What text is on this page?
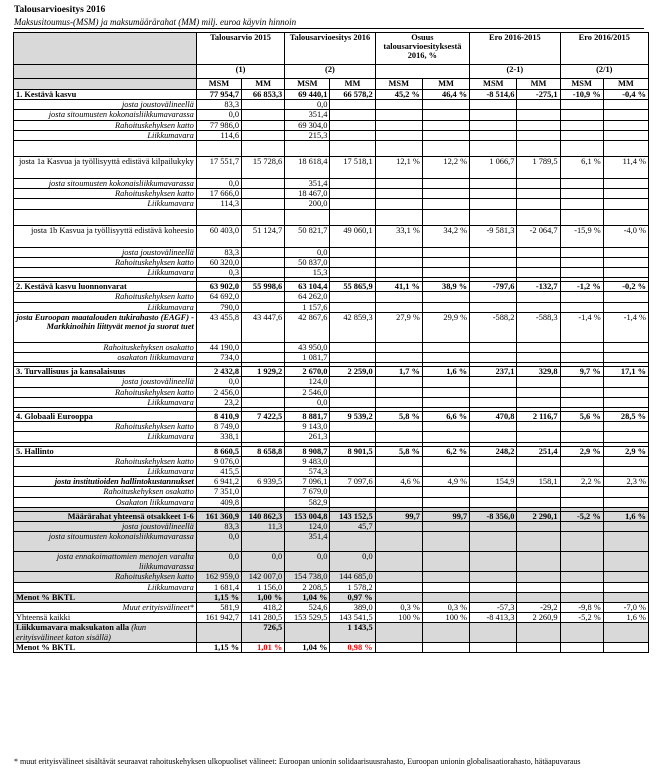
Talousarvioesitys 2016
Maksusitoumus-(MSM) ja maksumäärärahat (MM) milj. euroa käyvin hinnoin
	Talousarvio 2015		Talousarvioesitys 2016		Osuus talousarvioesityksestä 2016, %		Ero 2016-2015		Ero 2016/2015	
	(1)		(2)				(2-1)		(2/1)	
	MSM	MM	MSM	MM	MSM	MM	MSM	MM	MSM	MM
1. Kestävä kasvu	77 954,7	66 853,3	69 440,1	66 578,2	45,2 %	46,4 %	-8 514,6	-275,1	-10,9 %	-0,4 %
josta joustovälineellä	83,3		0,0							
josta sitoumusten kokonaisliikkumavarassa	0,0		351,4							
Rahoituskehyksen katto	77 986,0		69 304,0							
Liikkumavara	114,6		215,3							

josta 1a Kasvua ja työllisyyttä edistävä kilpailukyky	17 551,7	15 728,6	18 618,4	17 518,1	12,1 %	12,2 %	1 066,7	1 789,5	6,1 %	11,4 %
josta sitoumusten kokonaisliikkumavarassa	0,0		351,4							
Rahoituskehyksen katto	17 666,0		18 467,0							
Liikkumavara	114,3		200,0							

josta 1b Kasvua ja työllisyyttä edistävä koheesio	60 403,0	51 124,7	50 821,7	49 060,1	33,1 %	34,2 %	-9 581,3	-2 064,7	-15,9 %	-4,0 %
josta joustovälineellä	83,3		0,0							
Rahoituskehyksen katto	60 320,0		50 837,0							
Liikkumavara	0,3		15,3							

2. Kestävä kasvu luonnonvarat	63 902,0	55 998,6	63 104,4	55 865,9	41,1 %	38,9 %	-797,6	-132,7	-1,2 %	-0,2 %
Rahoituskehyksen katto	64 692,0		64 262,0							
Liikkumavara	790,0		1 157,6							
josta Euroopan maatalouden tukirahasto (EAGF) - Markkinoihin liittyvät menot ja suorat tuet	43 455,8	43 447,6	42 867,6	42 859,3	27,9 %	29,9 %	-588,2	-588,3	-1,4 %	-1,4 %
Rahoituskehyksen osakatto	44 190,0		43 950,0							
osakaton liikkumavara	734,0		1 081,7							

3. Turvallisuus ja kansalaisuus	2 432,8	1 929,2	2 670,0	2 259,0	1,7 %	1,6 %	237,1	329,8	9,7 %	17,1 %
josta joustovälineellä	0,0		124,0							
Rahoituskehyksen katto	2 456,0		2 546,0							
Liikkumavara	23,2		0,0							

4. Globaali Eurooppa	8 410,9	7 422,5	8 881,7	9 539,2	5,8 %	6,6 %	470,8	2 116,7	5,6 %	28,5 %
Rahoituskehyksen katto	8 749,0		9 143,0							
Liikkumavara	338,1		261,3							

5. Hallinto	8 660,5	8 658,8	8 908,7	8 901,5	5,8 %	6,2 %	248,2	251,4	2,9 %	2,9 %
Rahoituskehyksen katto	9 076,0		9 483,0							
Liikkumavara	415,5		574,3							
josta institutioiden hallintokustannukset	6 941,2	6 939,5	7 096,1	7 097,6	4,6 %	4,9 %	154,9	158,1	2,2 %	2,3 %
Rahoituskehyksen osakatto	7 351,0		7 679,0							
Osakaton liikkumavara	409,8		582,9							

Määrärahat yhteensä otsakkeet 1-6	161 360,9	140 862,3	153 004,8	143 152,5	99,7	99,7	-8 356,0	2 290,1	-5,2 %	1,6 %
josta joustovälineellä	83,3	11,3	124,0	45,7						
josta sitoumusten kokonaisliikkumavarassa	0,0		351,4							
josta ennakoimattomien menojen varalta liikkumavarassa	0,0	0,0	0,0	0,0						
Rahoituskehyksen katto	162 959,0	142 007,0	154 738,0	144 685,0						
Liikkumavara	1 681,4	1 156,0	2 208,5	1 578,2						
Menot % BKTL	1,15 %	1,00 %	1,04 %	0,97 %						
Muut erityisvälineet*	581,9	418,2	524,6	389,0	0,3 %	0,3 %	-57,3	-29,2	-9,8 %	-7,0 %
Yhteensä kaikki	161 942,7	141 280,5	153 529,5	143 541,5	100 %	100 %	-8 413,3	2 260,9	-5,2 %	1,6 %
Liikkumavara maksukaton alla (kun erityisvälineet katon sisällä)		726,5		1 143,5						
Menot % BKTL	1,15 %	1,01 %	1,04 %	0,98 %						
* muut erityisvälineet sisältävät seuraavat rahoituskehyksen ulkopuoliset välineet: Euroopan unionin solidaarisuusrahasto, Euroopan unionin globalisaatiorahasto, hätäapuvaraus
